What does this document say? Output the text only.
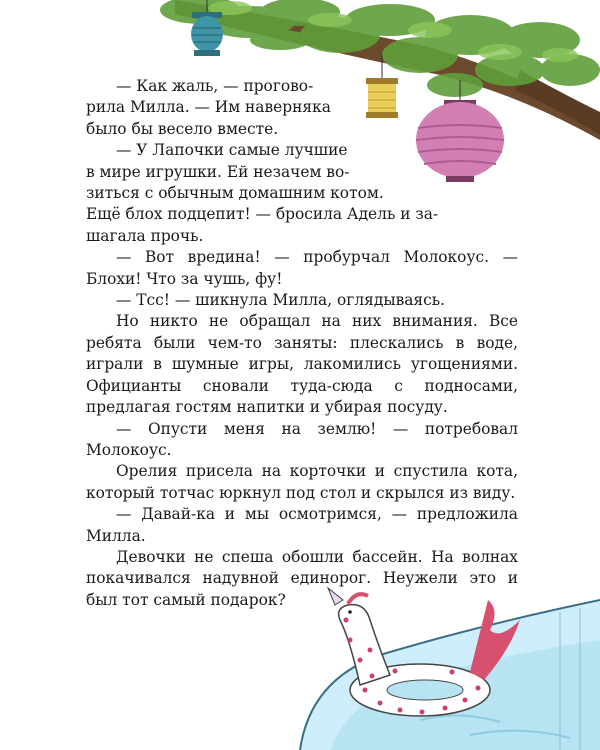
— Как жаль, — прогово-

рила Милла. — Им наверняка

было бы весело вместе.

— У Лапочки самые лучшие

в мире игрушки. Ей незачем во-

зиться с обычным домашним котом.

Ещё блох подцепит! — бросила Адель и за-

шагала прочь.

— Вот вредина! — пробурчал Молокоус. — Блохи! Что за чушь, фу!

— Тсс! — шикнула Милла, оглядываясь.

Но никто не обращал на них внимания. Все ребята были чем-то заняты: плескались в воде, играли в шумные игры, лакомились угощениями. Официанты сновали туда-сюда с подносами, предлагая гостям напитки и убирая посуду.

— Опусти меня на землю! — потребовал Молокоус.

Орелия присела на корточки и спустила кота, который тотчас юркнул под стол и скрылся из виду.

— Давай-ка и мы осмотримся, — предложила Милла.

Девочки не спеша обошли бассейн. На волнах покачивался надувной единорог. Неужели это и был тот самый подарок?
